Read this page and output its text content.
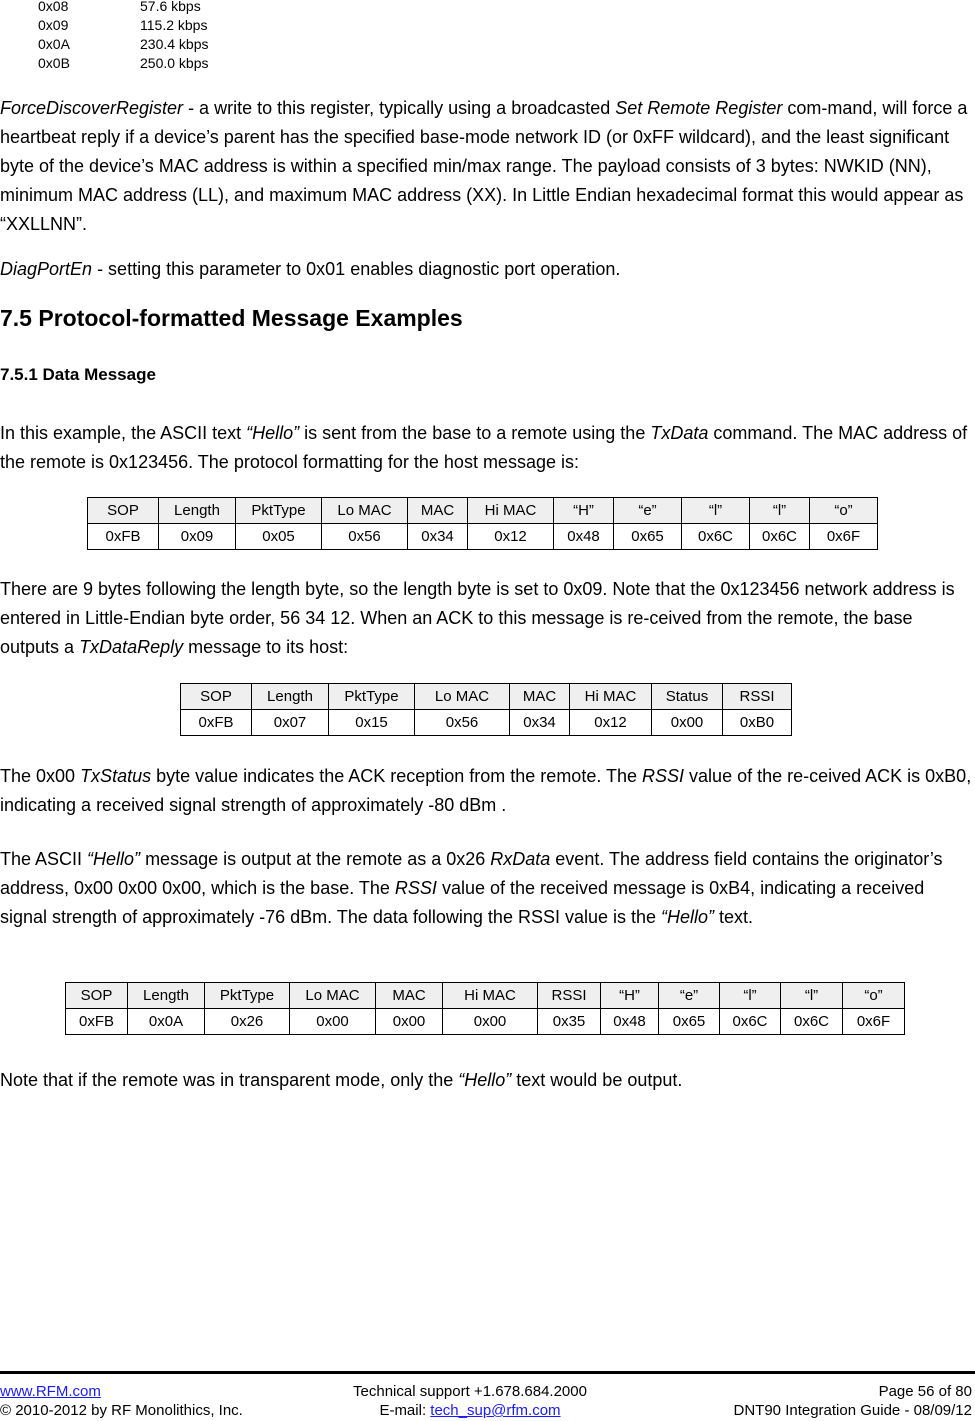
0x08	57.6 kbps
0x09	115.2 kbps
0x0A	230.4 kbps
0x0B	250.0 kbps

ForceDiscoverRegister - a write to this register, typically using a broadcasted Set Remote Register com-mand, will force a heartbeat reply if a device’s parent has the specified base-mode network ID (or 0xFF wildcard), and the least significant byte of the device’s MAC address is within a specified min/max range. The payload consists of 3 bytes: NWKID (NN), minimum MAC address (LL), and maximum MAC address (XX). In Little Endian hexadecimal format this would appear as “XXLLNN”.

DiagPortEn - setting this parameter to 0x01 enables diagnostic port operation.

7.5 Protocol-formatted Message Examples
7.5.1 Data Message

In this example, the ASCII text “Hello” is sent from the base to a remote using the TxData command. The MAC address of the remote is 0x123456. The protocol formatting for the host message is:

SOP	Length	PktType	Lo MAC	MAC	Hi MAC	“H”	“e”	“l”	“l”	“o”
0xFB	0x09	0x05	0x56	0x34	0x12	0x48	0x65	0x6C	0x6C	0x6F

There are 9 bytes following the length byte, so the length byte is set to 0x09. Note that the 0x123456 network address is entered in Little-Endian byte order, 56 34 12. When an ACK to this message is re-ceived from the remote, the base outputs a TxDataReply message to its host:

SOP	Length	PktType	Lo MAC	MAC	Hi MAC	Status	RSSI
0xFB	0x07	0x15	0x56	0x34	0x12	0x00	0xB0

The 0x00 TxStatus byte value indicates the ACK reception from the remote. The RSSI value of the re-ceived ACK is 0xB0, indicating a received signal strength of approximately -80 dBm .

The ASCII “Hello” message is output at the remote as a 0x26 RxData event. The address field contains the originator’s address, 0x00 0x00 0x00, which is the base. The RSSI value of the received message is 0xB4, indicating a received signal strength of approximately -76 dBm. The data following the RSSI value is the “Hello” text.

SOP	Length	PktType	Lo MAC	MAC	Hi MAC	RSSI	“H”	“e”	“l”	“l”	“o”
0xFB	0x0A	0x26	0x00	0x00	0x00	0x35	0x48	0x65	0x6C	0x6C	0x6F

Note that if the remote was in transparent mode, only the “Hello” text would be output.

www.RFM.com
© 2010-2012 by RF Monolithics, Inc.
Technical support +1.678.684.2000
E-mail: tech_sup@rfm.com
Page 56 of 80
DNT90 Integration Guide - 08/09/12
